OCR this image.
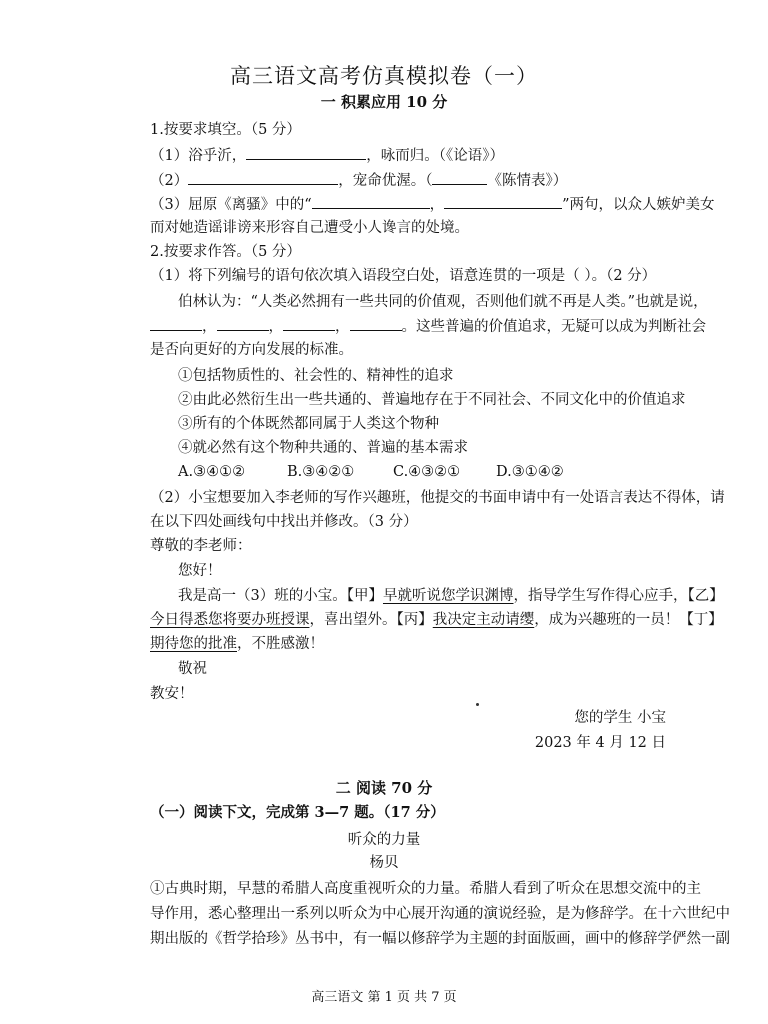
高三语文高考仿真模拟卷（一）
一 积累应用 10 分
1.按要求填空。（5 分）
（1）浴乎沂，	，咏而归。（《论语》）
（2）	，宠命优渥。（	《陈情表》）
（3）屈原《离骚》中的“	，	”两句，以众人嫉妒美女
而对她造谣诽谤来形容自己遭受小人谗言的处境。
2.按要求作答。（5 分）
（1）将下列编号的语句依次填入语段空白处，语意连贯的一项是（ ）。（2 分）
伯林认为：“人类必然拥有一些共同的价值观，否则他们就不再是人类。”也就是说，
，	，	，	。这些普遍的价值追求，无疑可以成为判断社会
是否向更好的方向发展的标准。
①包括物质性的、社会性的、精神性的追求
②由此必然衍生出一些共通的、普遍地存在于不同社会、不同文化中的价值追求
③所有的个体既然都同属于人类这个物种
④就必然有这个物种共通的、普遍的基本需求
A.③④①②	B.③④②①	C.④③②① D.③①④②
（2）小宝想要加入李老师的写作兴趣班，他提交的书面申请中有一处语言表达不得体，请
在以下四处画线句中找出并修改。（3 分）
尊敬的李老师：
您好！
我是高一（3）班的小宝。【甲】早就听说您学识渊博，指导学生写作得心应手，【乙】
今日得悉您将要办班授课，喜出望外。【丙】我决定主动请缨，成为兴趣班的一员！【丁】
期待您的批准，不胜感激！
敬祝
教安！
您的学生 小宝
2023 年 4 月 12 日
二 阅读 70 分
（一）阅读下文，完成第 3—7 题。（17 分）
听众的力量
杨贝
①古典时期，早慧的希腊人高度重视听众的力量。希腊人看到了听众在思想交流中的主
导作用，悉心整理出一系列以听众为中心展开沟通的演说经验，是为修辞学。在十六世纪中
期出版的《哲学拾珍》丛书中，有一幅以修辞学为主题的封面版画，画中的修辞学俨然一副
高三语文 第 1 页 共 7 页
